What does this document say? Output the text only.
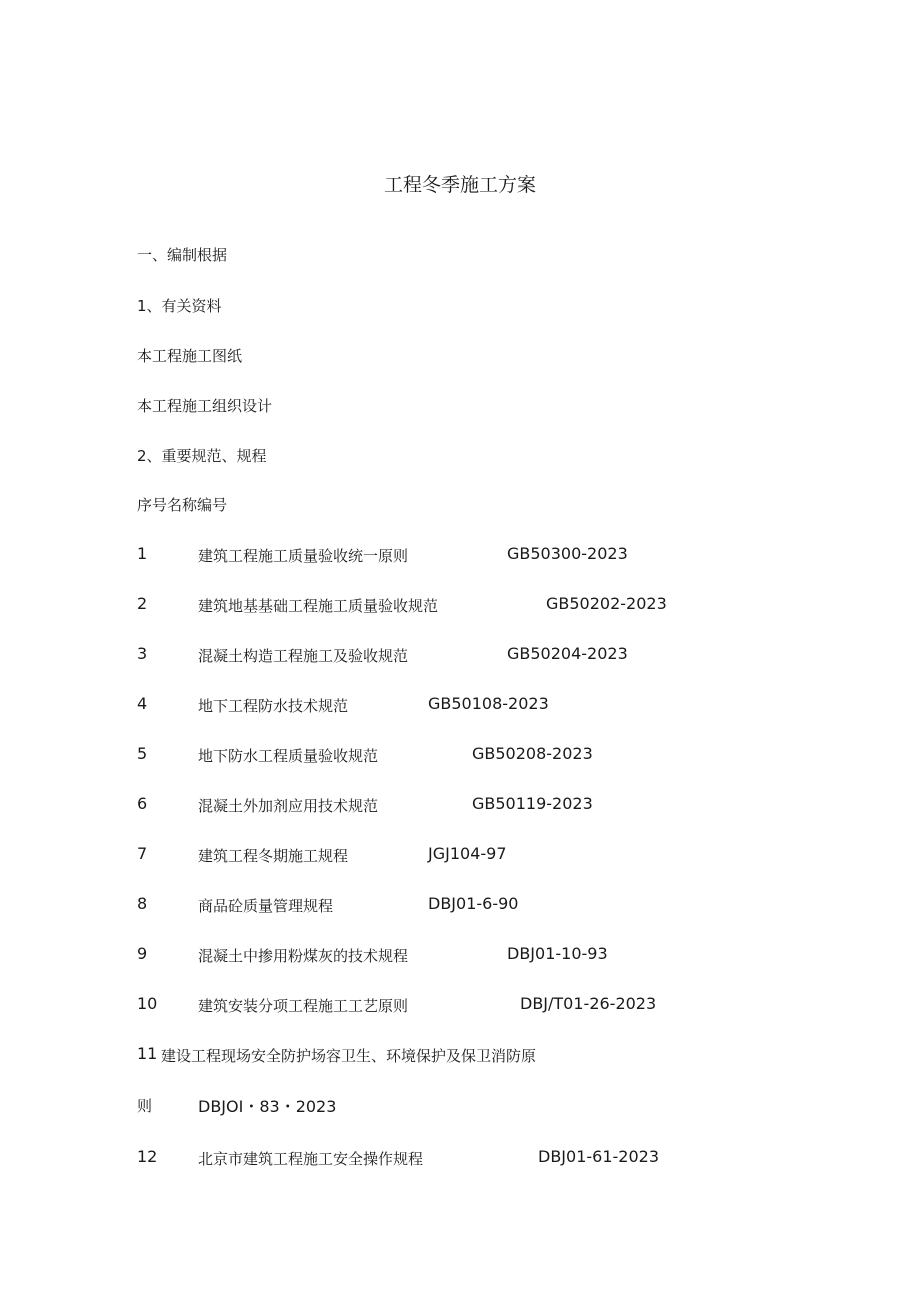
工程冬季施工方案
一、编制根据
1、有关资料
本工程施工图纸
本工程施工组织设计
2、重要规范、规程
序号名称编号
1	建筑工程施工质量验收统一原则	GB50300-2023
2	建筑地基基础工程施工质量验收规范	GB50202-2023
3	混凝土构造工程施工及验收规范	GB50204-2023
4	地下工程防水技术规范	GB50108-2023
5	地下防水工程质量验收规范	GB50208-2023
6	混凝土外加剂应用技术规范	GB50119-2023
7	建筑工程冬期施工规程	JGJ104-97
8	商品砼质量管理规程	DBJ01-6-90
9	混凝土中掺用粉煤灰的技术规程	DBJ01-10-93
10	建筑安装分项工程施工工艺原则	DBJ/T01-26-2023
11 建设工程现场安全防护场容卫生、环境保护及保卫消防原
则	DBJOI・83・2023
12	北京市建筑工程施工安全操作规程	DBJ01-61-2023
